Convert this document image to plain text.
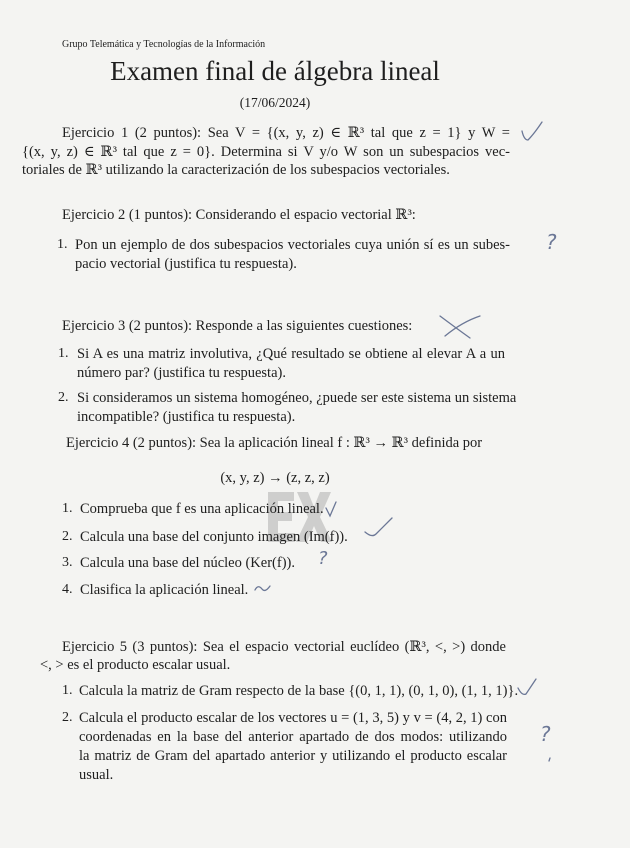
Grupo Telemática y Tecnologías de la Información
Examen final de álgebra lineal
(17/06/2024)
Ejercicio 1 (2 puntos): Sea V = {(x, y, z) ∈ ℝ³ tal que z = 1} y W =
{(x, y, z) ∈ ℝ³ tal que z = 0}. Determina si V y/o W son un subespacios vec-
toriales de ℝ³ utilizando la caracterización de los subespacios vectoriales.
Ejercicio 2 (1 puntos): Considerando el espacio vectorial ℝ³:
1. Pon un ejemplo de dos subespacios vectoriales cuya unión sí es un subes-
pacio vectorial (justifica tu respuesta).
Ejercicio 3 (2 puntos): Responde a las siguientes cuestiones:
1. Si A es una matriz involutiva, ¿Qué resultado se obtiene al elevar A a un
número par? (justifica tu respuesta).
2. Si consideramos un sistema homogéneo, ¿puede ser este sistema un sistema
incompatible? (justifica tu respuesta).
Ejercicio 4 (2 puntos): Sea la aplicación lineal f : ℝ³ → ℝ³ definida por
(x, y, z) → (z, z, z)
1. Comprueba que f es una aplicación lineal.
2. Calcula una base del conjunto imagen (Im(f)).
3. Calcula una base del núcleo (Ker(f)).
4. Clasifica la aplicación lineal.
Ejercicio 5 (3 puntos): Sea el espacio vectorial euclídeo (ℝ³, <, >) donde
<, > es el producto escalar usual.
1. Calcula la matriz de Gram respecto de la base {(0, 1, 1), (0, 1, 0), (1, 1, 1)}.
2. Calcula el producto escalar de los vectores u = (1, 3, 5) y v = (4, 2, 1) con
coordenadas en la base del anterior apartado de dos modos: utilizando
la matriz de Gram del apartado anterior y utilizando el producto escalar
usual.
?
?
?
